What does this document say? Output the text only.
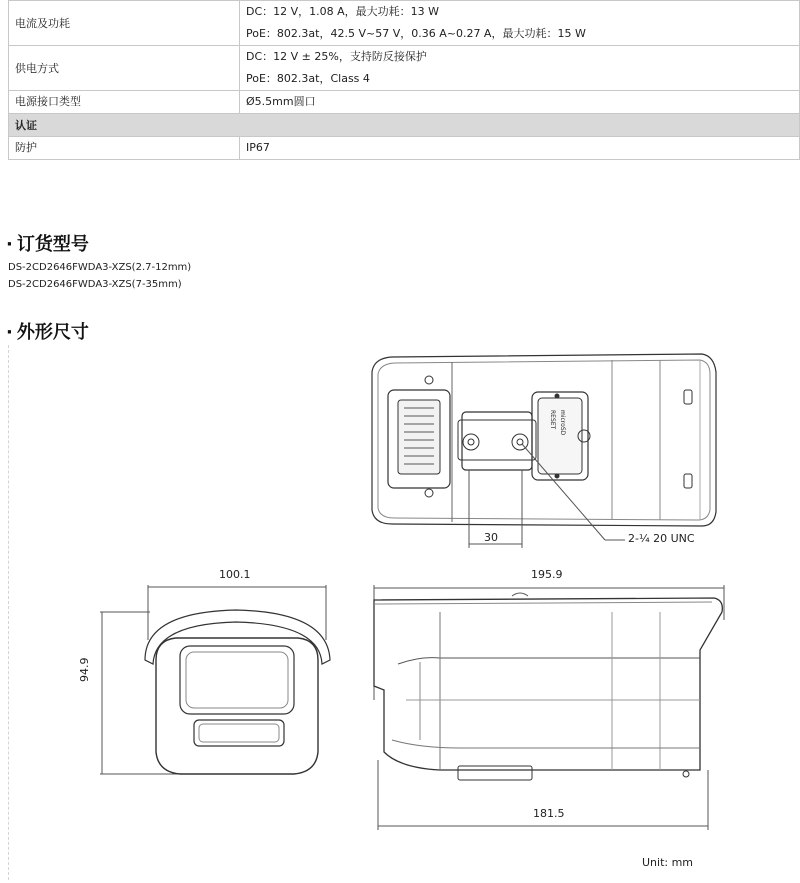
电流及功耗	DC：12 V，1.08 A，最大功耗：13 W
PoE：802.3at，42.5 V~57 V，0.36 A~0.27 A，最大功耗：15 W

供电方式	DC：12 V ± 25%，支持防反接保护
PoE：802.3at，Class 4

电源接口类型	Ø5.5mm圆口
认证	
防护	IP67
· 订货型号
DS-2CD2646FWDA3-XZS(2.7-12mm)
DS-2CD2646FWDA3-XZS(7-35mm)
· 外形尺寸
30	2-¼ 20 UNC
100.1
94.9
195.9
181.5
Unit: mm
RESET microSD
